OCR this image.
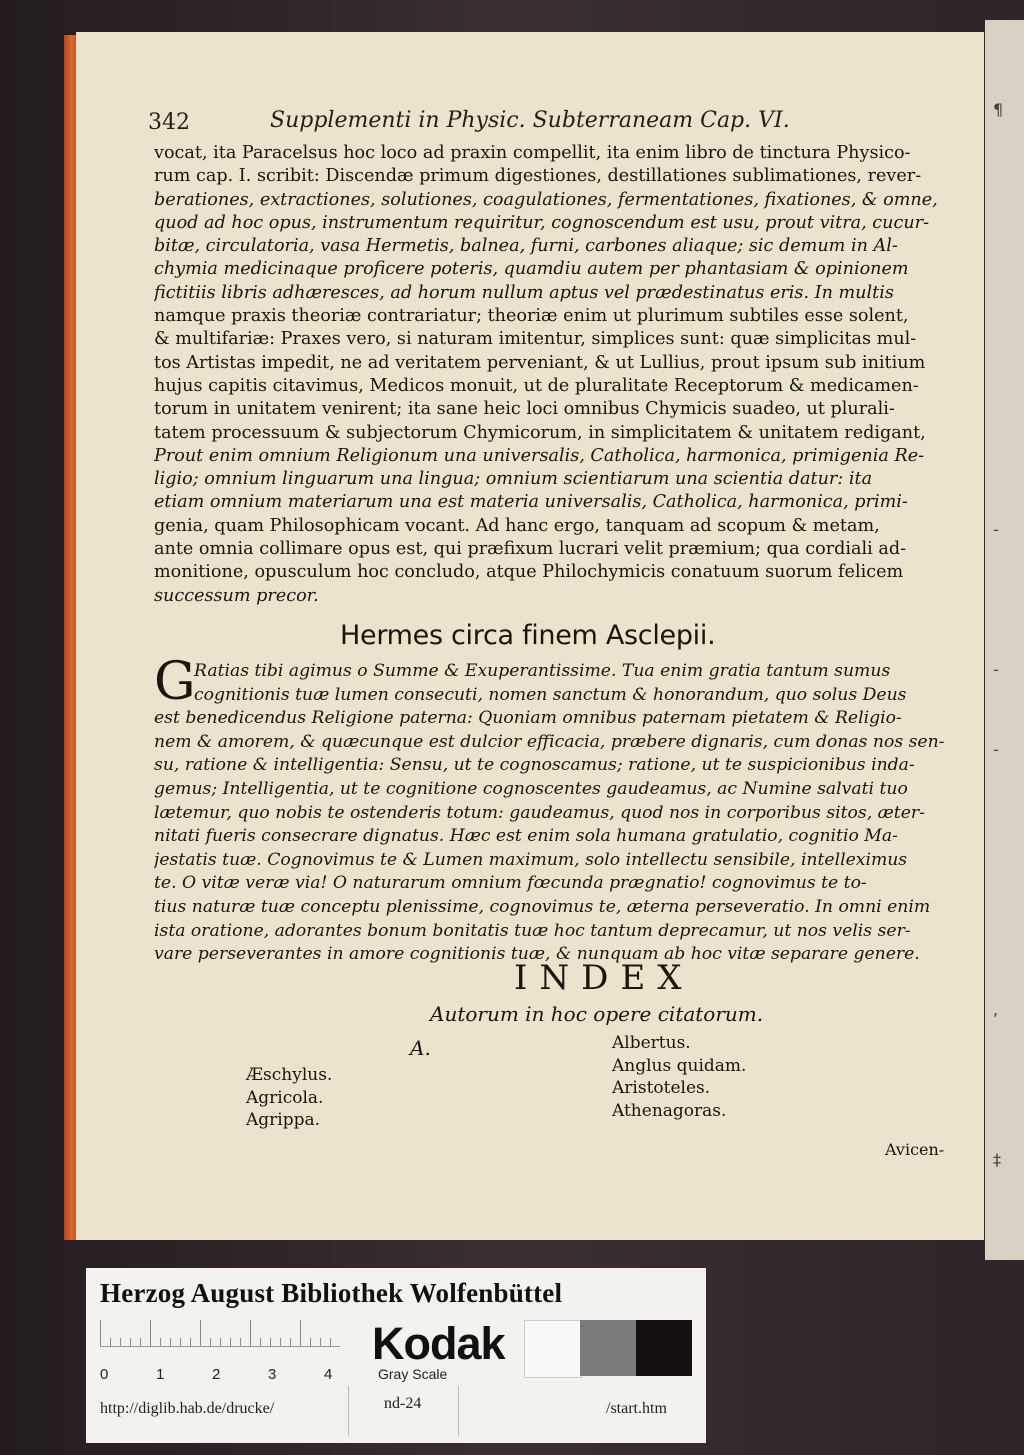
¶
-
-
-
,
‡
342	Supplementi in Physic. Subterraneam Cap. VI.
vocat, ita Paracelsus hoc loco ad praxin compellit, ita enim libro de tinctura Physico-
rum cap. I. scribit: Discendæ primum digestiones, destillationes sublimationes, rever-
berationes, extractiones, solutiones, coagulationes, fermentationes, fixationes, & omne,
quod ad hoc opus, instrumentum requiritur, cognoscendum est usu, prout vitra, cucur-
bitæ, circulatoria, vasa Hermetis, balnea, furni, carbones aliaque; sic demum in Al-
chymia medicinaque proficere poteris, quamdiu autem per phantasiam & opinionem
fictitiis libris adhæresces, ad horum nullum aptus vel prædestinatus eris. In multis
namque praxis theoriæ contrariatur; theoriæ enim ut plurimum subtiles esse solent,
& multifariæ: Praxes vero, si naturam imitentur, simplices sunt: quæ simplicitas mul-
tos Artistas impedit, ne ad veritatem perveniant, & ut Lullius, prout ipsum sub initium
hujus capitis citavimus, Medicos monuit, ut de pluralitate Receptorum & medicamen-
torum in unitatem venirent; ita sane heic loci omnibus Chymicis suadeo, ut plurali-
tatem processuum & subjectorum Chymicorum, in simplicitatem & unitatem redigant,
Prout enim omnium Religionum una universalis, Catholica, harmonica, primigenia Re-
ligio; omnium linguarum una lingua; omnium scientiarum una scientia datur: ita
etiam omnium materiarum una est materia universalis, Catholica, harmonica, primi-
genia, quam Philosophicam vocant. Ad hanc ergo, tanquam ad scopum & metam,
ante omnia collimare opus est, qui præfixum lucrari velit præmium; qua cordiali ad-
monitione, opusculum hoc concludo, atque Philochymicis conatuum suorum felicem
successum precor.
Hermes circa finem Asclepii.
G
Ratias tibi agimus o Summe & Exuperantissime. Tua enim gratia tantum sumus
cognitionis tuæ lumen consecuti, nomen sanctum & honorandum, quo solus Deus
est benedicendus Religione paterna: Quoniam omnibus paternam pietatem & Religio-
nem & amorem, & quæcunque est dulcior efficacia, præbere dignaris, cum donas nos sen-
su, ratione & intelligentia: Sensu, ut te cognoscamus; ratione, ut te suspicionibus inda-
gemus; Intelligentia, ut te cognitione cognoscentes gaudeamus, ac Numine salvati tuo
lætemur, quo nobis te ostenderis totum: gaudeamus, quod nos in corporibus sitos, æter-
nitati fueris consecrare dignatus. Hæc est enim sola humana gratulatio, cognitio Ma-
jestatis tuæ. Cognovimus te & Lumen maximum, solo intellectu sensibile, intelleximus
te. O vitæ veræ via! O naturarum omnium fœcunda prægnatio! cognovimus te to-
tius naturæ tuæ conceptu plenissime, cognovimus te, æterna perseveratio. In omni enim
ista oratione, adorantes bonum bonitatis tuæ hoc tantum deprecamur, ut nos velis ser-
vare perseverantes in amore cognitionis tuæ, & nunquam ab hoc vitæ separare genere.
INDEX
Autorum in hoc opere citatorum.
A.
Æschylus.
Agricola.
Agrippa.
Albertus.
Anglus quidam.
Aristoteles.
Athenagoras.
Avicen-
Herzog August Bibliothek Wolfenbüttel
0	1	2	3	4
Kodak
Gray Scale
http://diglib.hab.de/drucke/	nd-24	/start.htm
